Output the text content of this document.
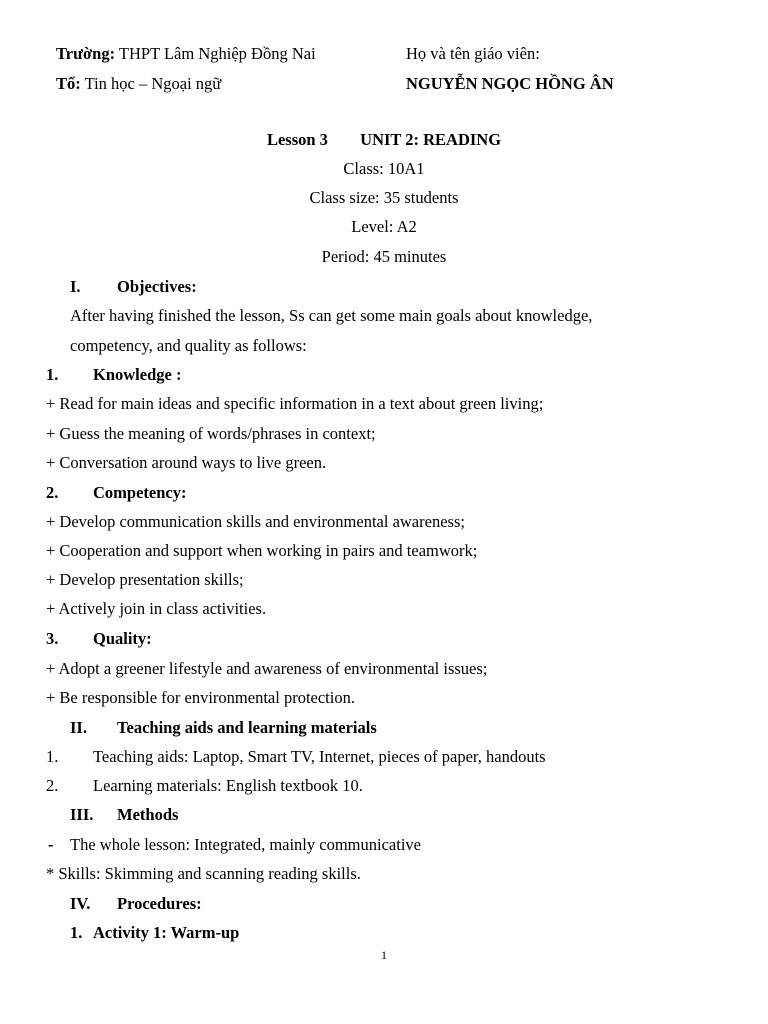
Trường: THPT Lâm Nghiệp Đồng Nai	Họ và tên giáo viên:
Tổ: Tin học – Ngoại ngữ	NGUYỄN NGỌC HỒNG ÂN
Lesson 3 UNIT 2: READING
Class: 10A1
Class size: 35 students
Level: A2
Period: 45 minutes
I. Objectives:
After having finished the lesson, Ss can get some main goals about knowledge,
competency, and quality as follows:
1. Knowledge :
+ Read for main ideas and specific information in a text about green living;
+ Guess the meaning of words/phrases in context;
+ Conversation around ways to live green.
2. Competency:
+ Develop communication skills and environmental awareness;
+ Cooperation and support when working in pairs and teamwork;
+ Develop presentation skills;
+ Actively join in class activities.
3. Quality:
+ Adopt a greener lifestyle and awareness of environmental issues;
+ Be responsible for environmental protection.
II. Teaching aids and learning materials
1. Teaching aids: Laptop, Smart TV, Internet, pieces of paper, handouts
2. Learning materials: English textbook 10.
III. Methods
- The whole lesson: Integrated, mainly communicative
* Skills: Skimming and scanning reading skills.
IV. Procedures:
1. Activity 1: Warm-up
1
